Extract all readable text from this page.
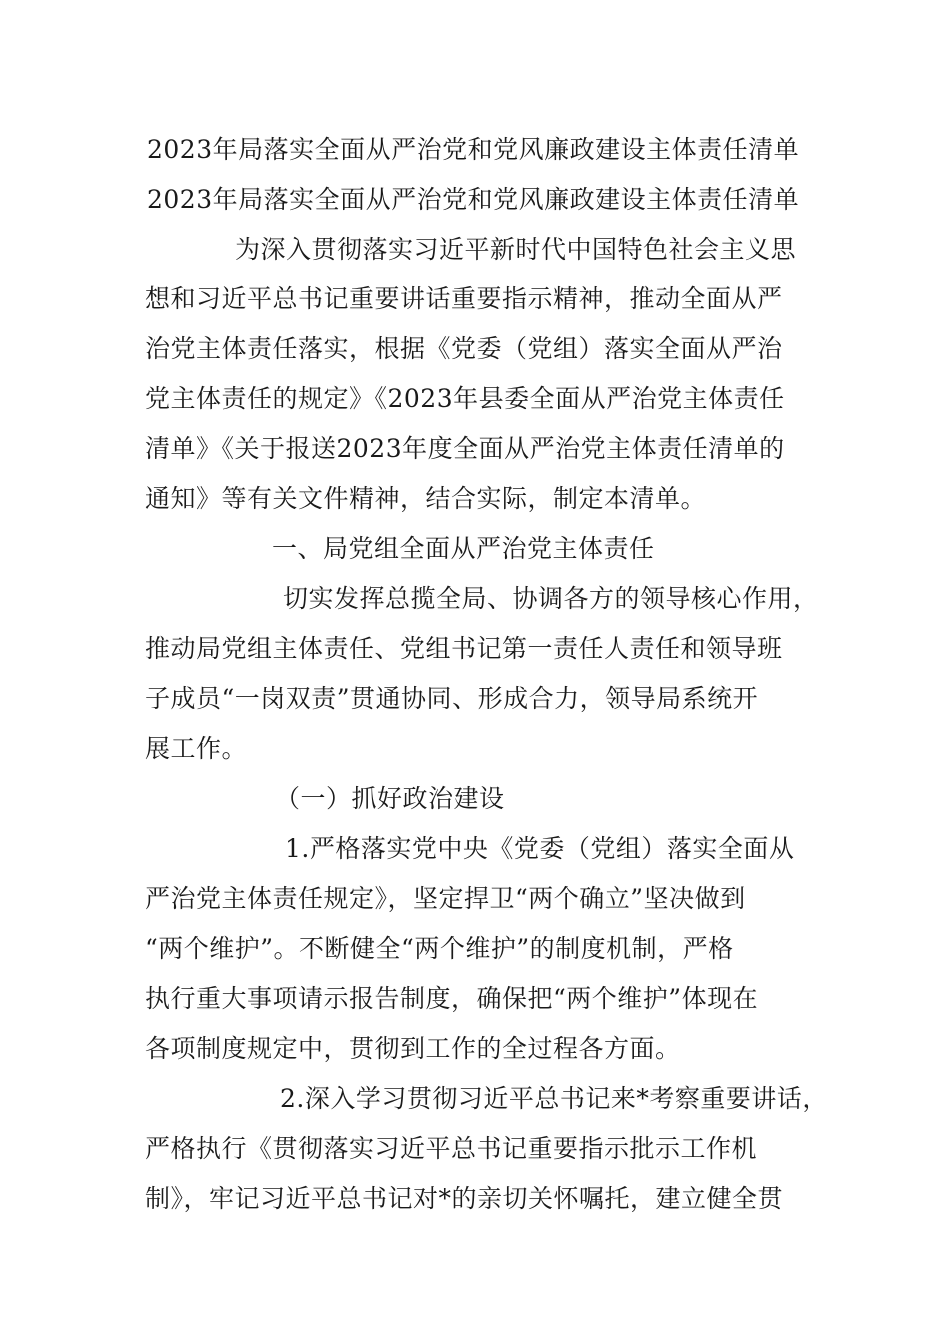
2023年局落实全面从严治党和党风廉政建设主体责任清单
2023年局落实全面从严治党和党风廉政建设主体责任清单
为深入贯彻落实习近平新时代中国特色社会主义思
想和习近平总书记重要讲话重要指示精神，推动全面从严
治党主体责任落实，根据《党委（党组）落实全面从严治
党主体责任的规定》《2023年县委全面从严治党主体责任
清单》《关于报送2023年度全面从严治党主体责任清单的
通知》等有关文件精神，结合实际，制定本清单。
一、局党组全面从严治党主体责任
切实发挥总揽全局、协调各方的领导核心作用，
推动局党组主体责任、党组书记第一责任人责任和领导班
子成员“一岗双责”贯通协同、形成合力，领导局系统开
展工作。
（一）抓好政治建设
1.严格落实党中央《党委（党组）落实全面从
严治党主体责任规定》，坚定捍卫“两个确立”坚决做到
“两个维护”。不断健全“两个维护”的制度机制，严格
执行重大事项请示报告制度，确保把“两个维护”体现在
各项制度规定中，贯彻到工作的全过程各方面。
2.深入学习贯彻习近平总书记来*考察重要讲话，
严格执行《贯彻落实习近平总书记重要指示批示工作机
制》，牢记习近平总书记对*的亲切关怀嘱托，建立健全贯
